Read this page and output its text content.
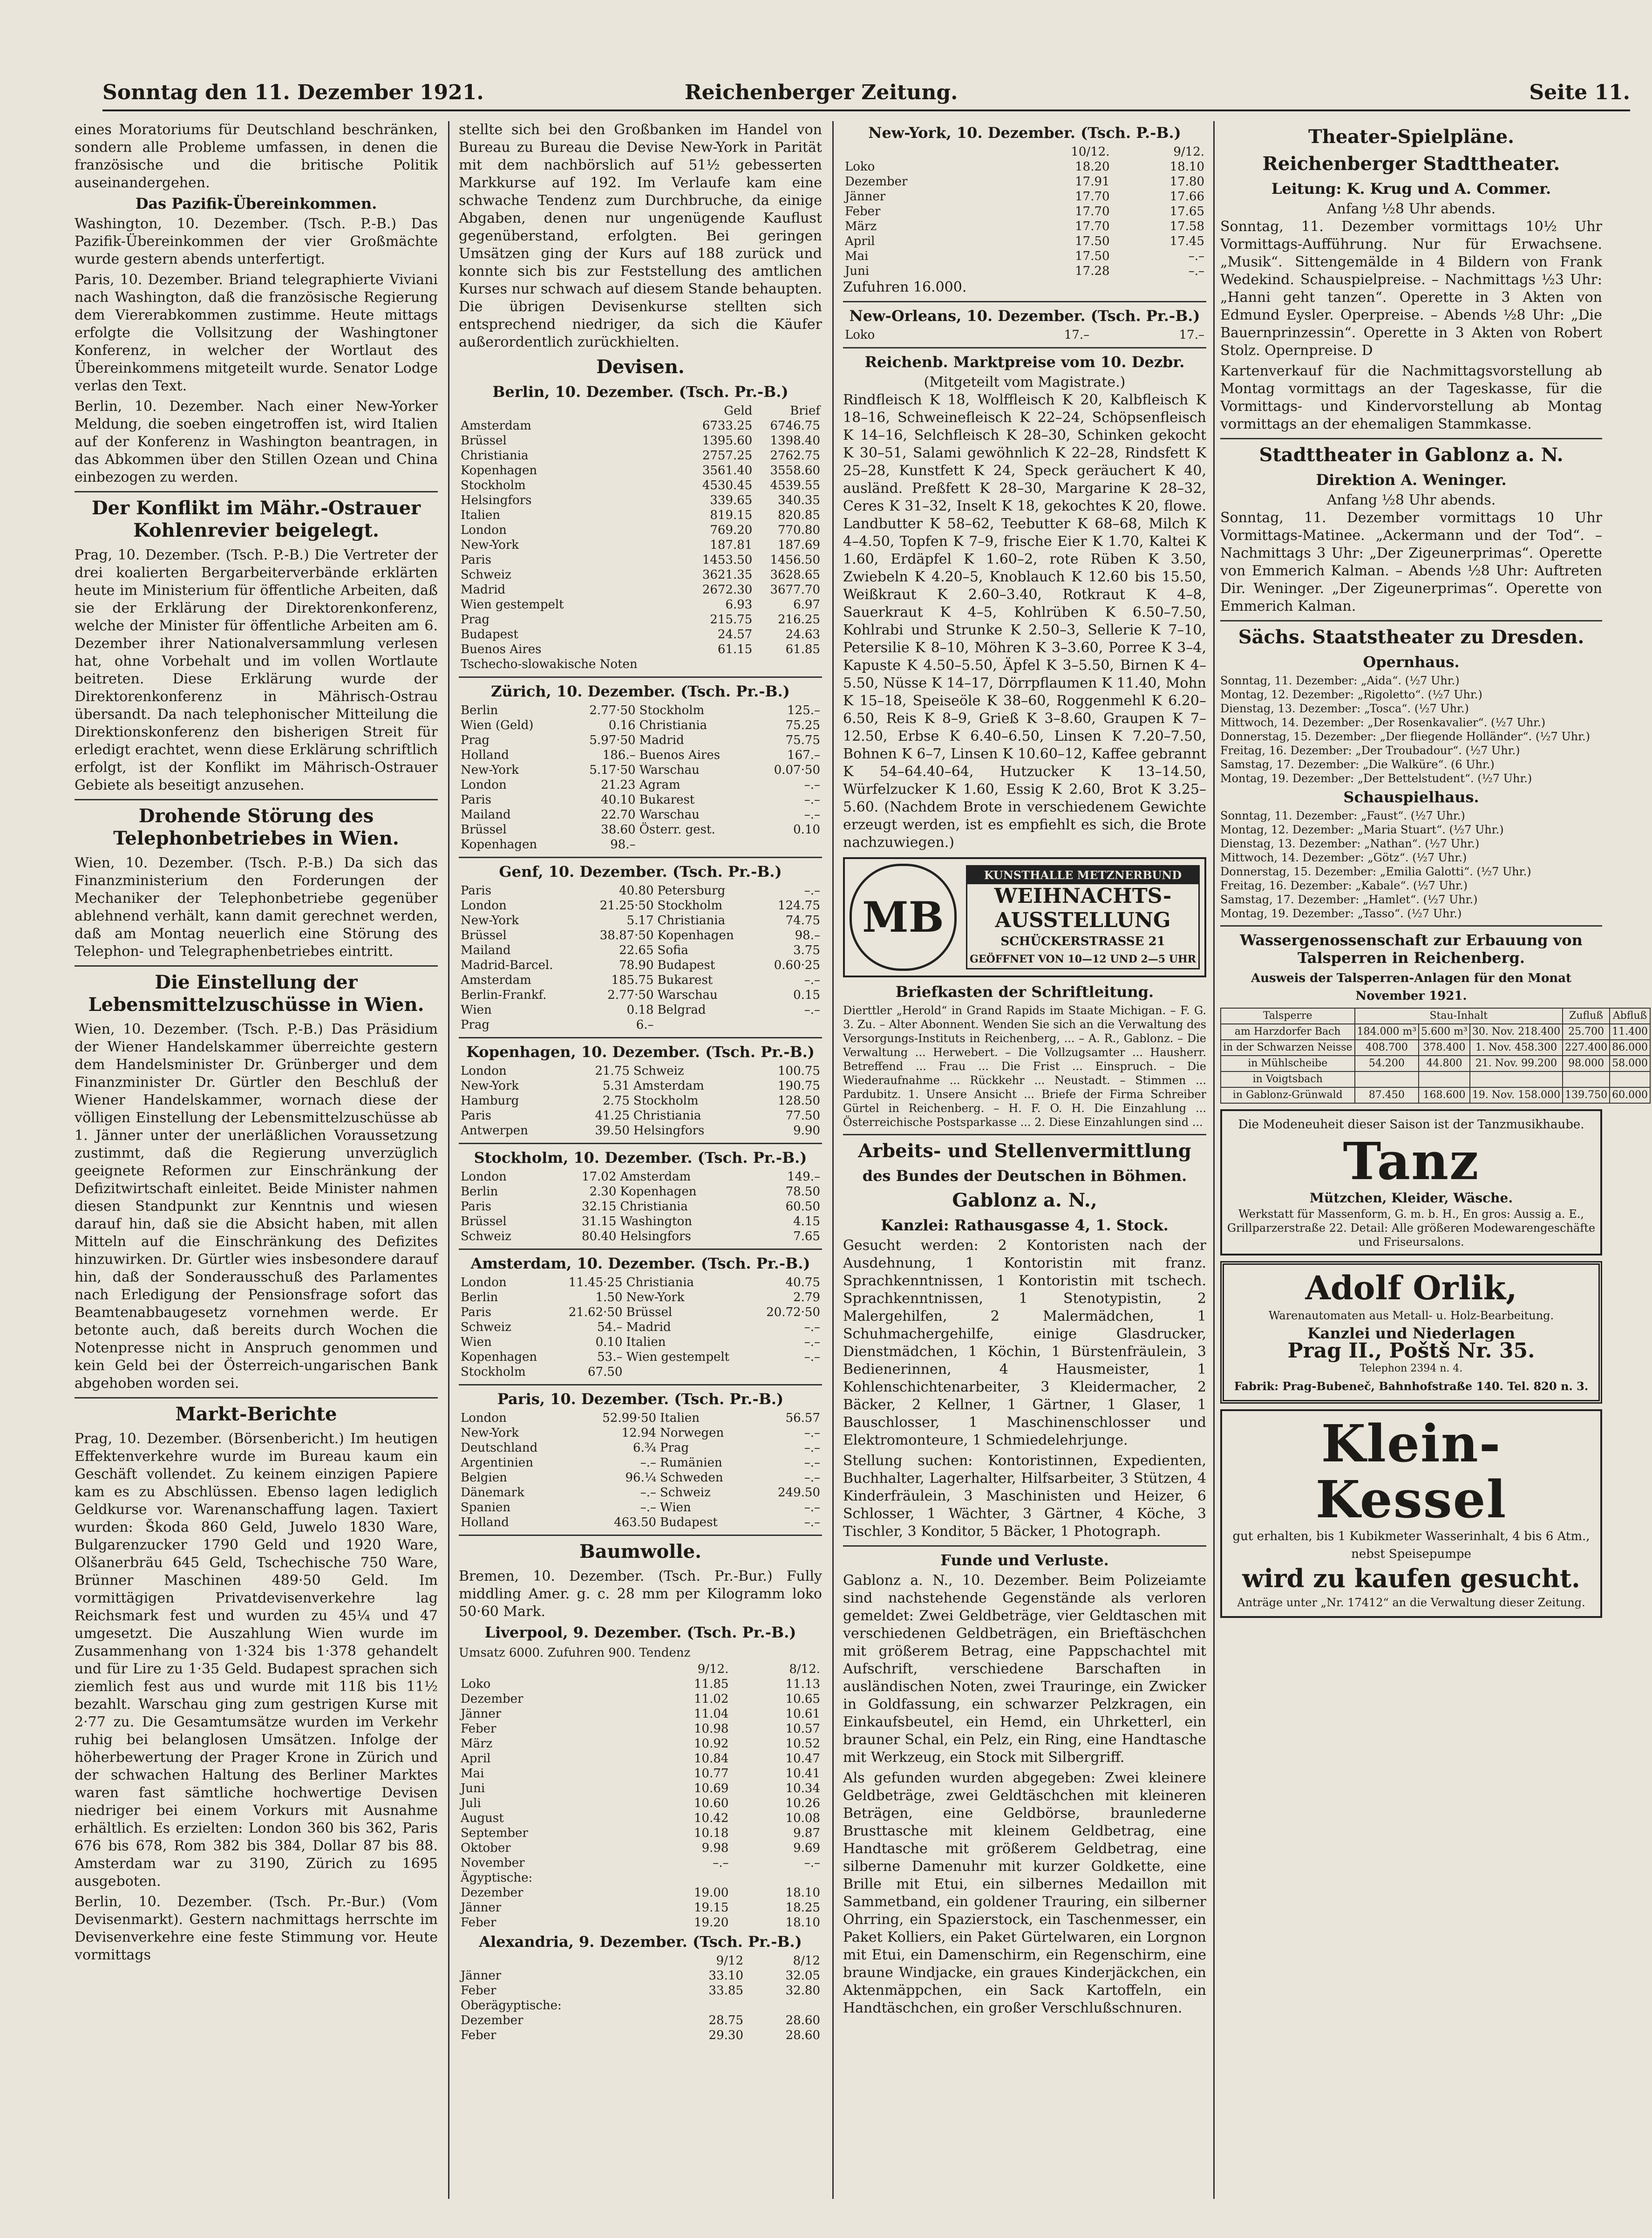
Sonntag den 11. Dezember 1921.	Reichenberger Zeitung.	Seite 11.

eines Moratoriums für Deutschland beschränken, sondern alle Probleme umfassen, in denen die französische und die britische Politik auseinandergehen.

Das Pazifik-Übereinkommen.

Washington, 10. Dezember. (Tsch. P.-B.) Das Pazifik-Übereinkommen der vier Großmächte wurde gestern abends unterfertigt.

Paris, 10. Dezember. Briand telegraphierte Viviani nach Washington, daß die französische Regierung dem Viererabkommen zustimme. Heute mittags erfolgte die Vollsitzung der Washingtoner Konferenz, in welcher der Wortlaut des Übereinkommens mitgeteilt wurde. Senator Lodge verlas den Text.

Berlin, 10. Dezember. Nach einer New-Yorker Meldung, die soeben eingetroffen ist, wird Italien auf der Konferenz in Washington beantragen, in das Abkommen über den Stillen Ozean und China einbezogen zu werden.

Der Konflikt im Mähr.-Ostrauer Kohlenrevier beigelegt.

Prag, 10. Dezember. (Tsch. P.-B.) Die Vertreter der drei koalierten Bergarbeiterverbände erklärten heute im Ministerium für öffentliche Arbeiten, daß sie der Erklärung der Direktorenkonferenz, welche der Minister für öffentliche Arbeiten am 6. Dezember ihrer Nationalversammlung verlesen hat, ohne Vorbehalt und im vollen Wortlaute beitreten. Diese Erklärung wurde der Direktorenkonferenz in Mährisch-Ostrau übersandt. Da nach telephonischer Mitteilung die Direktionskonferenz den bisherigen Streit für erledigt erachtet, wenn diese Erklärung schriftlich erfolgt, ist der Konflikt im Mährisch-Ostrauer Gebiete als beseitigt anzusehen.

Drohende Störung des Telephonbetriebes in Wien.

Wien, 10. Dezember. (Tsch. P.-B.) Da sich das Finanzministerium den Forderungen der Mechaniker der Telephonbetriebe gegenüber ablehnend verhält, kann damit gerechnet werden, daß am Montag neuerlich eine Störung des Telephon- und Telegraphenbetriebes eintritt.

Die Einstellung der Lebensmittelzuschüsse in Wien.

Wien, 10. Dezember. (Tsch. P.-B.) Das Präsidium der Wiener Handelskammer überreichte gestern dem Handelsminister Dr. Grünberger und dem Finanzminister Dr. Gürtler den Beschluß der Wiener Handelskammer, wornach diese der völligen Einstellung der Lebensmittelzuschüsse ab 1. Jänner unter der unerläßlichen Voraussetzung zustimmt, daß die Regierung unverzüglich geeignete Reformen zur Einschränkung der Defizitwirtschaft einleitet. Beide Minister nahmen diesen Standpunkt zur Kenntnis und wiesen darauf hin, daß sie die Absicht haben, mit allen Mitteln auf die Einschränkung des Defizites hinzuwirken. Dr. Gürtler wies insbesondere darauf hin, daß der Sonderausschuß des Parlamentes nach Erledigung der Pensionsfrage sofort das Beamtenabbaugesetz vornehmen werde. Er betonte auch, daß bereits durch Wochen die Notenpresse nicht in Anspruch genommen und kein Geld bei der Österreich-ungarischen Bank abgehoben worden sei.

Markt-Berichte

Prag, 10. Dezember. (Börsenbericht.) Im heutigen Effektenverkehre wurde im Bureau kaum ein Geschäft vollendet. Zu keinem einzigen Papiere kam es zu Abschlüssen. Ebenso lagen lediglich Geldkurse vor. Warenanschaffung lagen. Taxiert wurden: Škoda 860 Geld, Juwelo 1830 Ware, Bulgarenzucker 1790 Geld und 1920 Ware, Olšanerbräu 645 Geld, Tschechische 750 Ware, Brünner Maschinen 489·50 Geld. Im vormittägigen Privatdevisenverkehre lag Reichsmark fest und wurden zu 45¼ und 47 umgesetzt. Die Auszahlung Wien wurde im Zusammenhang von 1·324 bis 1·378 gehandelt und für Lire zu 1·35 Geld. Budapest sprachen sich ziemlich fest aus und wurde mit 11ß bis 11½ bezahlt. Warschau ging zum gestrigen Kurse mit 2·77 zu. Die Gesamtumsätze wurden im Verkehr ruhig bei belanglosen Umsätzen. Infolge der höherbewertung der Prager Krone in Zürich und der schwachen Haltung des Berliner Marktes waren fast sämtliche hochwertige Devisen niedriger bei einem Vorkurs mit Ausnahme erhältlich. Es erzielten: London 360 bis 362, Paris 676 bis 678, Rom 382 bis 384, Dollar 87 bis 88. Amsterdam war zu 3190, Zürich zu 1695 ausgeboten.

Berlin, 10. Dezember. (Tsch. Pr.-Bur.) (Vom Devisenmarkt). Gestern nachmittags herrschte im Devisenverkehre eine feste Stimmung vor. Heute vormittags

stellte sich bei den Großbanken im Handel von Bureau zu Bureau die Devise New-York in Parität mit dem nachbörslich auf 51½ gebesserten Markkurse auf 192. Im Verlaufe kam eine schwache Tendenz zum Durchbruche, da einige Abgaben, denen nur ungenügende Kauflust gegenüberstand, erfolgten. Bei geringen Umsätzen ging der Kurs auf 188 zurück und konnte sich bis zur Feststellung des amtlichen Kurses nur schwach auf diesem Stande behaupten. Die übrigen Devisenkurse stellten sich entsprechend niedriger, da sich die Käufer außerordentlich zurückhielten.

Devisen.
Berlin, 10. Dezember. (Tsch. Pr.-B.)
	Geld	Brief
Amsterdam	6733.25	6746.75
Brüssel	1395.60	1398.40
Christiania	2757.25	2762.75
Kopenhagen	3561.40	3558.60
Stockholm	4530.45	4539.55
Helsingfors	339.65	340.35
Italien	819.15	820.85
London	769.20	770.80
New-York	187.81	187.69
Paris	1453.50	1456.50
Schweiz	3621.35	3628.65
Madrid	2672.30	3677.70
Wien gestempelt	6.93	6.97
Prag	215.75	216.25
Budapest	24.57	24.63
Buenos Aires	61.15	61.85
Tschecho-slowakische Noten		
Zürich, 10. Dezember. (Tsch. Pr.-B.)
Berlin	2.77·50	Stockholm	125.–
Wien (Geld)	0.16	Christiania	75.25
Prag	5.97·50	Madrid	75.75
Holland	186.–	Buenos Aires	167.–
New-York	5.17·50	Warschau	0.07·50
London	21.23	Agram	–.–
Paris	40.10	Bukarest	–.–
Mailand	22.70	Warschau	–.–
Brüssel	38.60	Österr. gest.	0.10
Kopenhagen	98.–		
Genf, 10. Dezember. (Tsch. Pr.-B.)
Paris	40.80	Petersburg	–.–
London	21.25·50	Stockholm	124.75
New-York	5.17	Christiania	74.75
Brüssel	38.87·50	Kopenhagen	98.–
Mailand	22.65	Sofia	3.75
Madrid-Barcel.	78.90	Budapest	0.60·25
Amsterdam	185.75	Bukarest	–.–
Berlin-Frankf.	2.77·50	Warschau	0.15
Wien	0.18	Belgrad	–.–
Prag	6.–		
Kopenhagen, 10. Dezember. (Tsch. Pr.-B.)
London	21.75	Schweiz	100.75
New-York	5.31	Amsterdam	190.75
Hamburg	2.75	Stockholm	128.50
Paris	41.25	Christiania	77.50
Antwerpen	39.50	Helsingfors	9.90
Stockholm, 10. Dezember. (Tsch. Pr.-B.)
London	17.02	Amsterdam	149.–
Berlin	2.30	Kopenhagen	78.50
Paris	32.15	Christiania	60.50
Brüssel	31.15	Washington	4.15
Schweiz	80.40	Helsingfors	7.65
Amsterdam, 10. Dezember. (Tsch. Pr.-B.)
London	11.45·25	Christiania	40.75
Berlin	1.50	New-York	2.79
Paris	21.62·50	Brüssel	20.72·50
Schweiz	54.–	Madrid	–.–
Wien	0.10	Italien	–.–
Kopenhagen	53.–	Wien gestempelt	–.–
Stockholm	67.50		
Paris, 10. Dezember. (Tsch. Pr.-B.)
London	52.99·50	Italien	56.57
New-York	12.94	Norwegen	–.–
Deutschland	6.¾	Prag	–.–
Argentinien	–.–	Rumänien	–.–
Belgien	96.¼	Schweden	–.–
Dänemark	–.–	Schweiz	249.50
Spanien	–.–	Wien	–.–
Holland	463.50	Budapest	–.–
Baumwolle.

Bremen, 10. Dezember. (Tsch. Pr.-Bur.) Fully middling Amer. g. c. 28 mm per Kilogramm loko 50·60 Mark.

Liverpool, 9. Dezember. (Tsch. Pr.-B.)
Umsatz 6000. Zufuhren 900. Tendenz
	9/12.	8/12.
Loko	11.85	11.13
Dezember	11.02	10.65
Jänner	11.04	10.61
Feber	10.98	10.57
März	10.92	10.52
April	10.84	10.47
Mai	10.77	10.41
Juni	10.69	10.34
Juli	10.60	10.26
August	10.42	10.08
September	10.18	9.87
Oktober	9.98	9.69
November	–.–	–.–
Ägyptische:		
Dezember	19.00	18.10
Jänner	19.15	18.25
Feber	19.20	18.10
Alexandria, 9. Dezember. (Tsch. Pr.-B.)
	9/12	8/12
Jänner	33.10	32.05
Feber	33.85	32.80
Oberägyptische:		
Dezember	28.75	28.60
Feber	29.30	28.60
New-York, 10. Dezember. (Tsch. P.-B.)
	10/12.	9/12.
Loko	18.20	18.10
Dezember	17.91	17.80
Jänner	17.70	17.66
Feber	17.70	17.65
März	17.70	17.58
April	17.50	17.45
Mai	17.50	–.–
Juni	17.28	–.–
Zufuhren 16.000.
New-Orleans, 10. Dezember. (Tsch. Pr.-B.)
Loko	17.–	17.–
Reichenb. Marktpreise vom 10. Dezbr.
(Mitgeteilt vom Magistrate.)

Rindfleisch K 18, Wolffleisch K 20, Kalbfleisch K 18–16, Schweinefleisch K 22–24, Schöpsenfleisch K 14–16, Selchfleisch K 28–30, Schinken gekocht K 30–51, Salami gewöhnlich K 22–28, Rindsfett K 25–28, Kunstfett K 24, Speck geräuchert K 40, ausländ. Preßfett K 28–30, Margarine K 28–32, Ceres K 31–32, Inselt K 18, gekochtes K 20, flowe. Landbutter K 58–62, Teebutter K 68–68, Milch K 4–4.50, Topfen K 7–9, frische Eier K 1.70, Kaltei K 1.60, Erdäpfel K 1.60–2, rote Rüben K 3.50, Zwiebeln K 4.20–5, Knoblauch K 12.60 bis 15.50, Weißkraut K 2.60–3.40, Rotkraut K 4–8, Sauerkraut K 4–5, Kohlrüben K 6.50–7.50, Kohlrabi und Strunke K 2.50–3, Sellerie K 7–10, Petersilie K 8–10, Möhren K 3–3.60, Porree K 3–4, Kapuste K 4.50–5.50, Äpfel K 3–5.50, Birnen K 4–5.50, Nüsse K 14–17, Dörrpflaumen K 11.40, Mohn K 15–18, Speiseöle K 38–60, Roggenmehl K 6.20–6.50, Reis K 8–9, Grieß K 3–8.60, Graupen K 7–12.50, Erbse K 6.40–6.50, Linsen K 7.20–7.50, Bohnen K 6–7, Linsen K 10.60–12, Kaffee gebrannt K 54–64.40–64, Hutzucker K 13–14.50, Würfelzucker K 1.60, Essig K 2.60, Brot K 3.25–5.60. (Nachdem Brote in verschiedenem Gewichte erzeugt werden, ist es empfiehlt es sich, die Brote nachzuwiegen.)

MB
KUNSTHALLE METZNERBUND
WEIHNACHTS-AUSSTELLUNG
SCHÜCKERSTRASSE 21
GEÖFFNET VON 10—12 UND 2—5 UHR
Briefkasten der Schriftleitung.

Dierttler „Herold“ in Grand Rapids im Staate Michigan. – F. G. 3. Zu. – Alter Abonnent. Wenden Sie sich an die Verwaltung des Versorgungs-Instituts in Reichenberg, ... – A. R., Gablonz. – Die Verwaltung ... Herwebert. – Die Vollzugsamter ... Hausherr. Betreffend ... Frau ... Die Frist ... Einspruch. – Die Wiederaufnahme ... Rückkehr ... Neustadt. – Stimmen ... Pardubitz. 1. Unsere Ansicht ... Briefe der Firma Schreiber Gürtel in Reichenberg. – H. F. O. H. Die Einzahlung ... Österreichische Postsparkasse ... 2. Diese Einzahlungen sind ...

Arbeits- und Stellenvermittlung
des Bundes der Deutschen in Böhmen.
Gablonz a. N.,
Kanzlei: Rathausgasse 4, 1. Stock.

Gesucht werden: 2 Kontoristen nach der Ausdehnung, 1 Kontoristin mit franz. Sprachkenntnissen, 1 Kontoristin mit tschech. Sprachkenntnissen, 1 Stenotypistin, 2 Malergehilfen, 2 Malermädchen, 1 Schuhmachergehilfe, einige Glasdrucker, Dienstmädchen, 1 Köchin, 1 Bürstenfräulein, 3 Bedienerinnen, 4 Hausmeister, 1 Kohlenschichtenarbeiter, 3 Kleidermacher, 2 Bäcker, 2 Kellner, 1 Gärtner, 1 Glaser, 1 Bauschlosser, 1 Maschinenschlosser und Elektromonteure, 1 Schmiedelehrjunge.

Stellung suchen: Kontoristinnen, Expedienten, Buchhalter, Lagerhalter, Hilfsarbeiter, 3 Stützen, 4 Kinderfräulein, 3 Maschinisten und Heizer, 6 Schlosser, 1 Wächter, 3 Gärtner, 4 Köche, 3 Tischler, 3 Konditor, 5 Bäcker, 1 Photograph.

Funde und Verluste.

Gablonz a. N., 10. Dezember. Beim Polizeiamte sind nachstehende Gegenstände als verloren gemeldet: Zwei Geldbeträge, vier Geldtaschen mit verschiedenen Geldbeträgen, ein Brieftäschchen mit größerem Betrag, eine Pappschachtel mit Aufschrift, verschiedene Barschaften in ausländischen Noten, zwei Trauringe, ein Zwicker in Goldfassung, ein schwarzer Pelzkragen, ein Einkaufsbeutel, ein Hemd, ein Uhrketterl, ein brauner Schal, ein Pelz, ein Ring, eine Handtasche mit Werkzeug, ein Stock mit Silbergriff.

Als gefunden wurden abgegeben: Zwei kleinere Geldbeträge, zwei Geldtäschchen mit kleineren Beträgen, eine Geldbörse, braunlederne Brusttasche mit kleinem Geldbetrag, eine Handtasche mit größerem Geldbetrag, eine silberne Damenuhr mit kurzer Goldkette, eine Brille mit Etui, ein silbernes Medaillon mit Sammetband, ein goldener Trauring, ein silberner Ohrring, ein Spazierstock, ein Taschenmesser, ein Paket Kolliers, ein Paket Gürtelwaren, ein Lorgnon mit Etui, ein Damenschirm, ein Regenschirm, eine braune Windjacke, ein graues Kinderjäckchen, ein Aktenmäppchen, ein Sack Kartoffeln, ein Handtäschchen, ein großer Verschlußschnuren.

Theater-Spielpläne.
Reichenberger Stadttheater.
Leitung: K. Krug und A. Commer.
Anfang ½8 Uhr abends.

Sonntag, 11. Dezember vormittags 10½ Uhr Vormittags-Aufführung. Nur für Erwachsene. „Musik“. Sittengemälde in 4 Bildern von Frank Wedekind. Schauspielpreise. – Nachmittags ½3 Uhr: „Hanni geht tanzen“. Operette in 3 Akten von Edmund Eysler. Operpreise. – Abends ½8 Uhr: „Die Bauernprinzessin“. Operette in 3 Akten von Robert Stolz. Opernpreise. D

Kartenverkauf für die Nachmittagsvorstellung ab Montag vormittags an der Tageskasse, für die Vormittags- und Kindervorstellung ab Montag vormittags an der ehemaligen Stammkasse.

Stadttheater in Gablonz a. N.
Direktion A. Weninger.
Anfang ½8 Uhr abends.

Sonntag, 11. Dezember vormittags 10 Uhr Vormittags-Matinee. „Ackermann und der Tod“. – Nachmittags 3 Uhr: „Der Zigeunerprimas“. Operette von Emmerich Kalman. – Abends ½8 Uhr: Auftreten Dir. Weninger. „Der Zigeunerprimas“. Operette von Emmerich Kalman.

Sächs. Staatstheater zu Dresden.
Opernhaus.
Sonntag, 11. Dezember: „Aida“. (½7 Uhr.)
Montag, 12. Dezember: „Rigoletto“. (½7 Uhr.)
Dienstag, 13. Dezember: „Tosca“. (½7 Uhr.)
Mittwoch, 14. Dezember: „Der Rosenkavalier“. (½7 Uhr.)
Donnerstag, 15. Dezember: „Der fliegende Holländer“. (½7 Uhr.)
Freitag, 16. Dezember: „Der Troubadour“. (½7 Uhr.)
Samstag, 17. Dezember: „Die Walküre“. (6 Uhr.)
Montag, 19. Dezember: „Der Bettelstudent“. (½7 Uhr.)
Schauspielhaus.
Sonntag, 11. Dezember: „Faust“. (½7 Uhr.)
Montag, 12. Dezember: „Maria Stuart“. (½7 Uhr.)
Dienstag, 13. Dezember: „Nathan“. (½7 Uhr.)
Mittwoch, 14. Dezember: „Götz“. (½7 Uhr.)
Donnerstag, 15. Dezember: „Emilia Galotti“. (½7 Uhr.)
Freitag, 16. Dezember: „Kabale“. (½7 Uhr.)
Samstag, 17. Dezember: „Hamlet“. (½7 Uhr.)
Montag, 19. Dezember: „Tasso“. (½7 Uhr.)
Wassergenossenschaft zur Erbauung von Talsperren in Reichenberg.
Ausweis der Talsperren-Anlagen für den Monat November 1921.
Talsperre	Stau-Inhalt			Zufluß	Abfluß
am Harzdorfer Bach	184.000 m³	5.600 m³	30. Nov. 218.400	25.700	11.400
in der Schwarzen Neisse	408.700	378.400	1. Nov. 458.300	227.400	86.000
in Mühlscheibe	54.200	44.800	21. Nov. 99.200	98.000	58.000
in Voigtsbach					
in Gablonz-Grünwald	87.450	168.600	19. Nov. 158.000	139.750	60.000
Die Modeneuheit dieser Saison ist der Tanzmusikhaube.
Tanz
Mützchen, Kleider, Wäsche.
Werkstatt für Massenform, G. m. b. H., En gros: Aussig a. E., Grillparzerstraße 22. Detail: Alle größeren Modewarengeschäfte und Friseursalons.
Adolf Orlik,
Warenautomaten aus Metall- u. Holz-Bearbeitung.
Kanzlei und Niederlagen
Prag II., Poštš Nr. 35.
Telephon 2394 n. 4.
Fabrik: Prag-Bubeneč, Bahnhofstraße 140. Tel. 820 n. 3.
Klein-Kessel
gut erhalten, bis 1 Kubikmeter Wasserinhalt, 4 bis 6 Atm., nebst Speisepumpe
wird zu kaufen gesucht.
Anträge unter „Nr. 17412“ an die Verwaltung dieser Zeitung.
